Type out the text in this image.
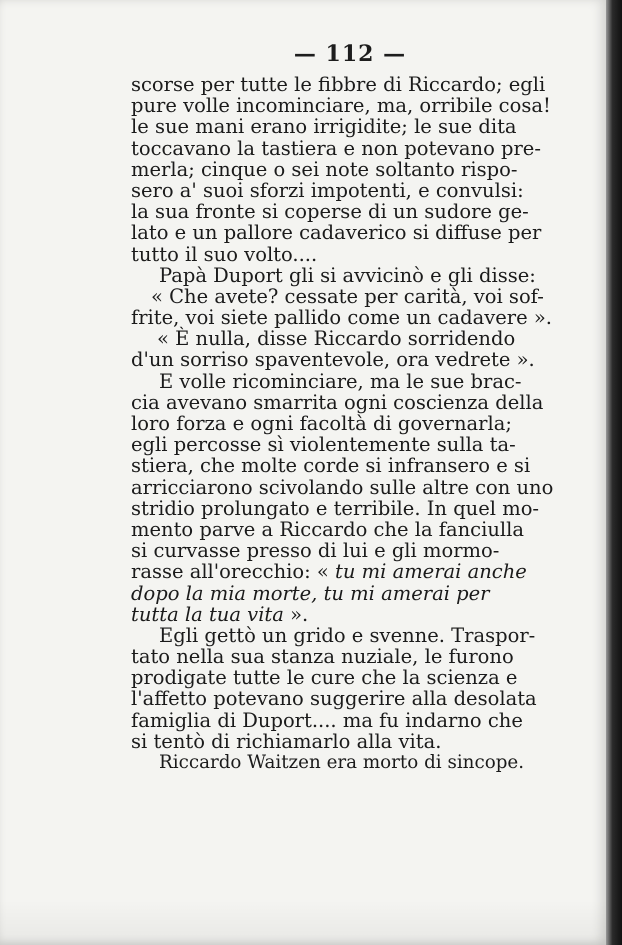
— 112 —
scorse per tutte le fibbre di Riccardo; egli
pure volle incominciare, ma, orribile cosa!
le sue mani erano irrigidite; le sue dita
toccavano la tastiera e non potevano pre-
merla; cinque o sei note soltanto rispo-
sero a' suoi sforzi impotenti, e convulsi:
la sua fronte si coperse di un sudore ge-
lato e un pallore cadaverico si diffuse per
tutto il suo volto....
Papà Duport gli si avvicinò e gli disse:
« Che avete? cessate per carità, voi sof-
frite, voi siete pallido come un cadavere ».
« È nulla, disse Riccardo sorridendo
d'un sorriso spaventevole, ora vedrete ».
E volle ricominciare, ma le sue brac-
cia avevano smarrita ogni coscienza della
loro forza e ogni facoltà di governarla;
egli percosse sì violentemente sulla ta-
stiera, che molte corde si infransero e si
arricciarono scivolando sulle altre con uno
stridio prolungato e terribile. In quel mo-
mento parve a Riccardo che la fanciulla
si curvasse presso di lui e gli mormo-
rasse all'orecchio: « tu mi amerai anche
dopo la mia morte, tu mi amerai per
tutta la tua vita ».
Egli gettò un grido e svenne. Traspor-
tato nella sua stanza nuziale, le furono
prodigate tutte le cure che la scienza e
l'affetto potevano suggerire alla desolata
famiglia di Duport.... ma fu indarno che
si tentò di richiamarlo alla vita.
Riccardo Waitzen era morto di sincope.
